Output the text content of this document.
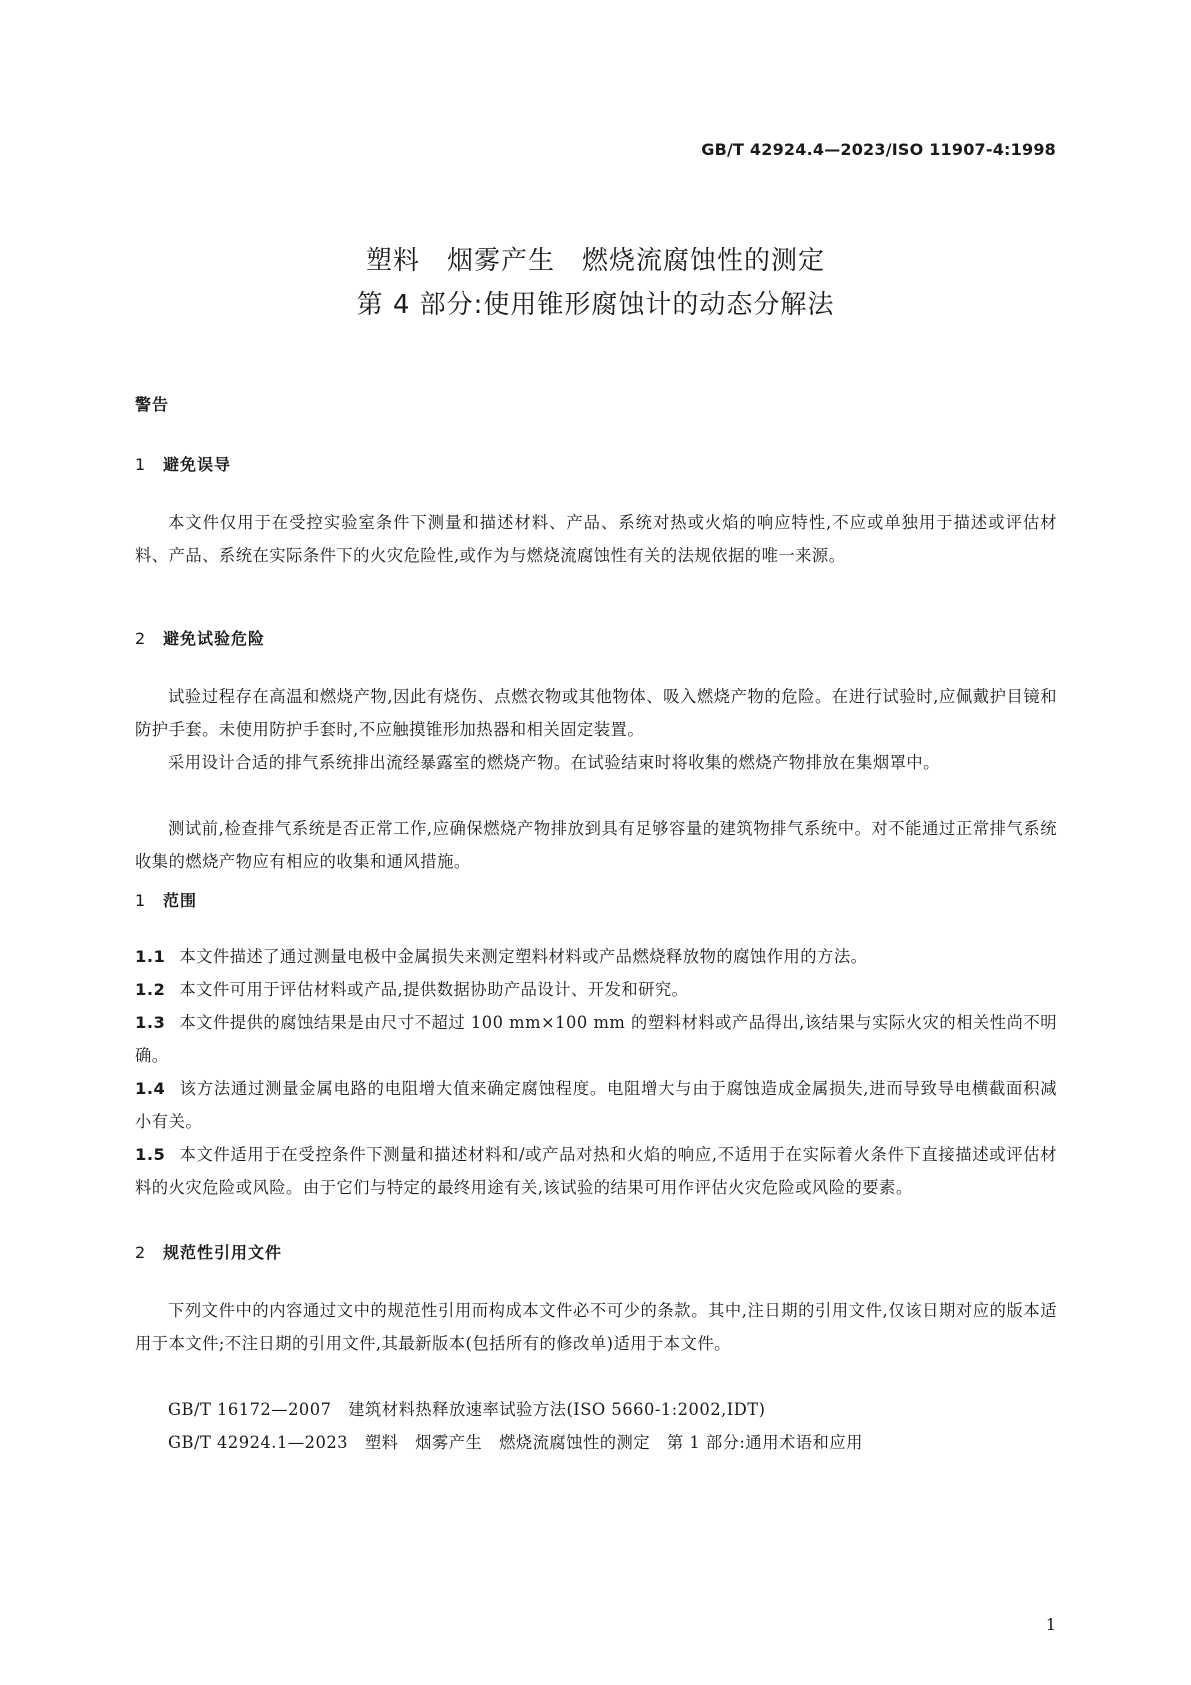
GB/T 42924.4—2023/ISO 11907-4:1998
塑料　烟雾产生　燃烧流腐蚀性的测定
第 4 部分:使用锥形腐蚀计的动态分解法
警告
1 避免误导
本文件仅用于在受控实验室条件下测量和描述材料、产品、系统对热或火焰的响应特性,不应或单独用于描述或评估材料、产品、系统在实际条件下的火灾危险性,或作为与燃烧流腐蚀性有关的法规依据的唯一来源。
2 避免试验危险
试验过程存在高温和燃烧产物,因此有烧伤、点燃衣物或其他物体、吸入燃烧产物的危险。在进行试验时,应佩戴护目镜和防护手套。未使用防护手套时,不应触摸锥形加热器和相关固定装置。
采用设计合适的排气系统排出流经暴露室的燃烧产物。在试验结束时将收集的燃烧产物排放在集烟罩中。
测试前,检查排气系统是否正常工作,应确保燃烧产物排放到具有足够容量的建筑物排气系统中。对不能通过正常排气系统收集的燃烧产物应有相应的收集和通风措施。
1 范围
1.1 本文件描述了通过测量电极中金属损失来测定塑料材料或产品燃烧释放物的腐蚀作用的方法。
1.2 本文件可用于评估材料或产品,提供数据协助产品设计、开发和研究。
1.3 本文件提供的腐蚀结果是由尺寸不超过 100 mm×100 mm 的塑料材料或产品得出,该结果与实际火灾的相关性尚不明确。
1.4 该方法通过测量金属电路的电阻增大值来确定腐蚀程度。电阻增大与由于腐蚀造成金属损失,进而导致导电横截面积减小有关。
1.5 本文件适用于在受控条件下测量和描述材料和/或产品对热和火焰的响应,不适用于在实际着火条件下直接描述或评估材料的火灾危险或风险。由于它们与特定的最终用途有关,该试验的结果可用作评估火灾危险或风险的要素。
2 规范性引用文件
下列文件中的内容通过文中的规范性引用而构成本文件必不可少的条款。其中,注日期的引用文件,仅该日期对应的版本适用于本文件;不注日期的引用文件,其最新版本(包括所有的修改单)适用于本文件。
GB/T 16172—2007　建筑材料热释放速率试验方法(ISO 5660-1:2002,IDT)
GB/T 42924.1—2023　塑料　烟雾产生　燃烧流腐蚀性的测定　第 1 部分:通用术语和应用
1
